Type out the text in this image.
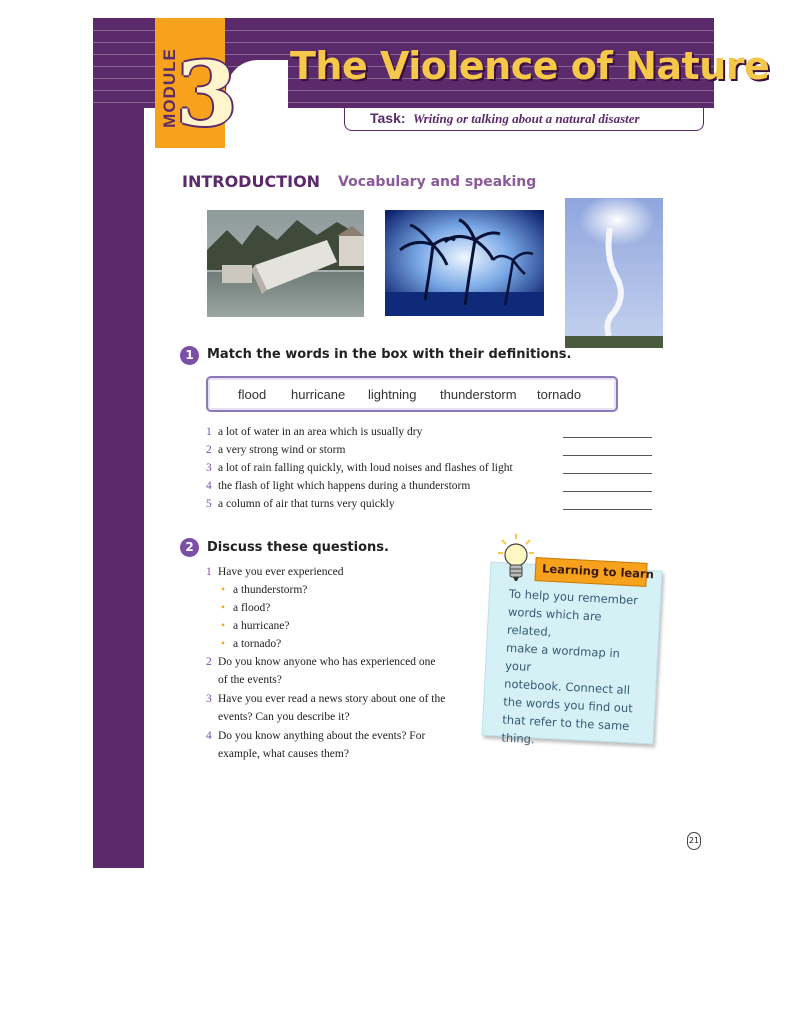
MODULE
3 The Violence of Nature
Task: Writing or talking about a natural disaster
INTRODUCTION Vocabulary and speaking
1	Match the words in the box with their definitions.
flood hurricane lightning thunderstorm tornado
1 a lot of water in an area which is usually dry
2 a very strong wind or storm
3 a lot of rain falling quickly, with loud noises and flashes of light
4 the flash of light which happens during a thunderstorm
5 a column of air that turns very quickly
2	Discuss these questions.
1 Have you ever experienced
• a thunderstorm?
• a flood?
• a hurricane?
• a tornado?
2 Do you know anyone who has experienced one
of the events?
3 Have you ever read a news story about one of the
events? Can you describe it?
4 Do you know anything about the events? For
example, what causes them?
To help you remember
words which are related,
make a wordmap in your
notebook. Connect all
the words you find out
that refer to the same
thing.
Learning to learn
21
